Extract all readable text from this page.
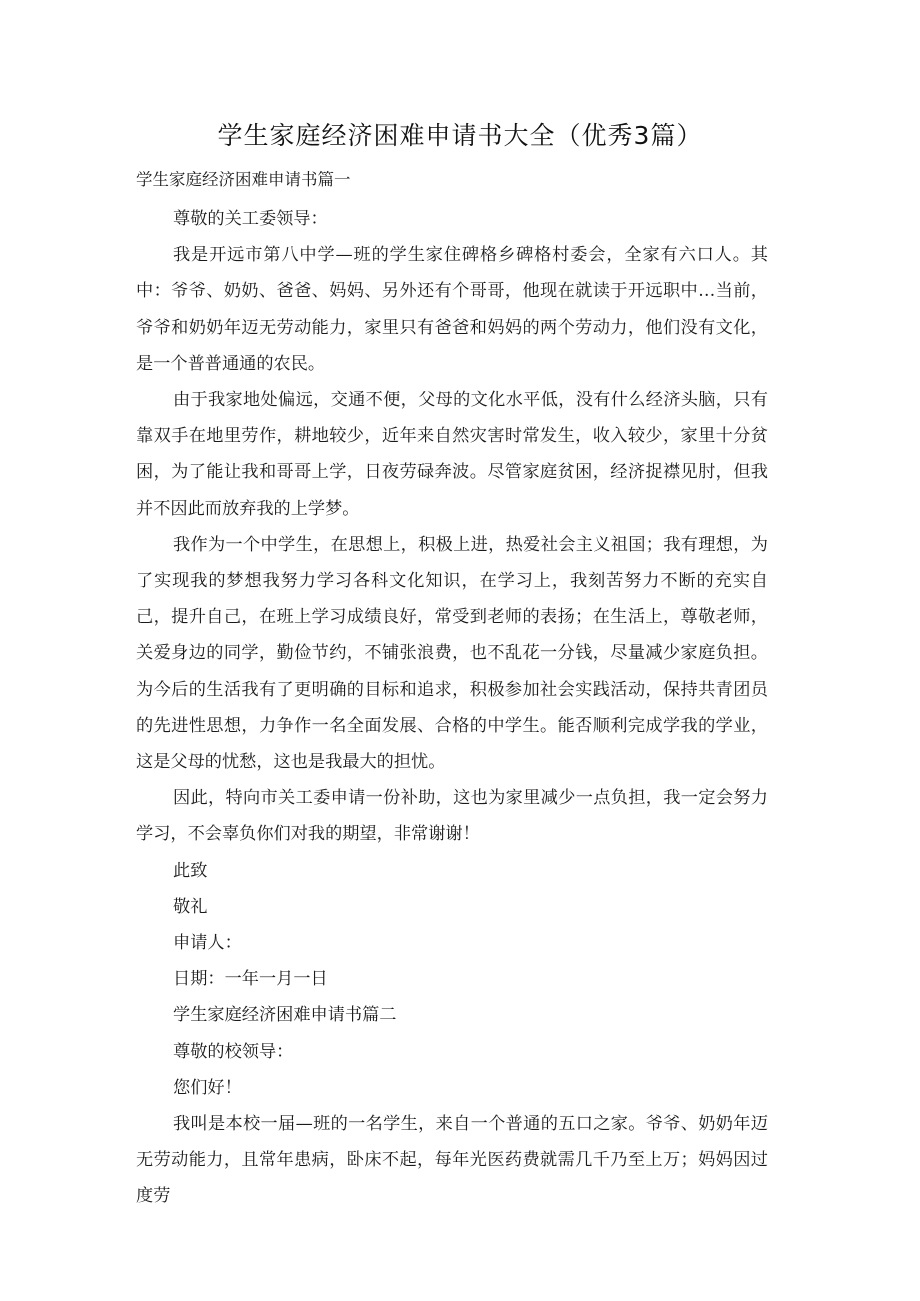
学生家庭经济困难申请书大全（优秀3篇）
学生家庭经济困难申请书篇一

尊敬的关工委领导：

我是开远市第八中学—班的学生家住碑格乡碑格村委会，全家有六口人。其中：爷爷、奶奶、爸爸、妈妈、另外还有个哥哥，他现在就读于开远职中…当前，爷爷和奶奶年迈无劳动能力，家里只有爸爸和妈妈的两个劳动力，他们没有文化，是一个普普通通的农民。

由于我家地处偏远，交通不便，父母的文化水平低，没有什么经济头脑，只有靠双手在地里劳作，耕地较少，近年来自然灾害时常发生，收入较少，家里十分贫困，为了能让我和哥哥上学，日夜劳碌奔波。尽管家庭贫困，经济捉襟见肘，但我并不因此而放弃我的上学梦。

我作为一个中学生，在思想上，积极上进，热爱社会主义祖国；我有理想，为了实现我的梦想我努力学习各科文化知识，在学习上，我刻苦努力不断的充实自己，提升自己，在班上学习成绩良好，常受到老师的表扬；在生活上，尊敬老师，关爱身边的同学，勤俭节约，不铺张浪费，也不乱花一分钱，尽量减少家庭负担。为今后的生活我有了更明确的目标和追求，积极参加社会实践活动，保持共青团员的先进性思想，力争作一名全面发展、合格的中学生。能否顺利完成学我的学业，这是父母的忧愁，这也是我最大的担忧。

因此，特向市关工委申请一份补助，这也为家里减少一点负担，我一定会努力学习，不会辜负你们对我的期望，非常谢谢！

此致

敬礼

申请人：

日期：一年一月一日

学生家庭经济困难申请书篇二

尊敬的校领导：

您们好！

我叫是本校一届—班的一名学生，来自一个普通的五口之家。爷爷、奶奶年迈无劳动能力，且常年患病，卧床不起，每年光医药费就需几千乃至上万；妈妈因过度劳
